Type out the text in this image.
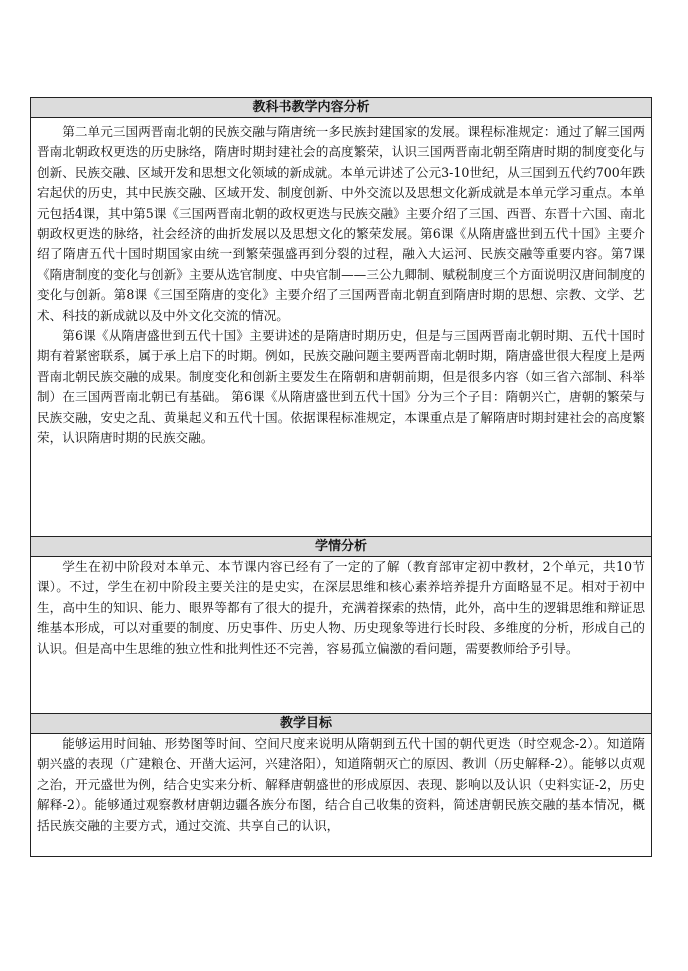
教科书教学内容分析

第二单元三国两晋南北朝的民族交融与隋唐统一多民族封建国家的发展。课程标准规定：通过了解三国两晋南北朝政权更迭的历史脉络，隋唐时期封建社会的高度繁荣，认识三国两晋南北朝至隋唐时期的制度变化与创新、民族交融、区域开发和思想文化领域的新成就。本单元讲述了公元3-10世纪，从三国到五代约700年跌宕起伏的历史，其中民族交融、区域开发、制度创新、中外交流以及思想文化新成就是本单元学习重点。本单元包括4课，其中第5课《三国两晋南北朝的政权更迭与民族交融》主要介绍了三国、西晋、东晋十六国、南北朝政权更迭的脉络，社会经济的曲折发展以及思想文化的繁荣发展。第6课《从隋唐盛世到五代十国》主要介绍了隋唐五代十国时期国家由统一到繁荣强盛再到分裂的过程，融入大运河、民族交融等重要内容。第7课《隋唐制度的变化与创新》主要从选官制度、中央官制——三公九卿制、赋税制度三个方面说明汉唐间制度的变化与创新。第8课《三国至隋唐的变化》主要介绍了三国两晋南北朝直到隋唐时期的思想、宗教、文学、艺术、科技的新成就以及中外文化交流的情况。

第6课《从隋唐盛世到五代十国》主要讲述的是隋唐时期历史，但是与三国两晋南北朝时期、五代十国时期有着紧密联系，属于承上启下的时期。例如，民族交融问题主要两晋南北朝时期，隋唐盛世很大程度上是两晋南北朝民族交融的成果。制度变化和创新主要发生在隋朝和唐朝前期，但是很多内容（如三省六部制、科举制）在三国两晋南北朝已有基础。 第6课《从隋唐盛世到五代十国》分为三个子目：隋朝兴亡，唐朝的繁荣与民族交融，安史之乱、黄巢起义和五代十国。依据课程标准规定，本课重点是了解隋唐时期封建社会的高度繁荣，认识隋唐时期的民族交融。

学情分析

学生在初中阶段对本单元、本节课内容已经有了一定的了解（教育部审定初中教材，2个单元，共10节课）。不过，学生在初中阶段主要关注的是史实，在深层思维和核心素养培养提升方面略显不足。相对于初中生，高中生的知识、能力、眼界等都有了很大的提升，充满着探索的热情，此外，高中生的逻辑思维和辩证思维基本形成，可以对重要的制度、历史事件、历史人物、历史现象等进行长时段、多维度的分析，形成自己的认识。但是高中生思维的独立性和批判性还不完善，容易孤立偏激的看问题，需要教师给予引导。

教学目标

能够运用时间轴、形势图等时间、空间尺度来说明从隋朝到五代十国的朝代更迭（时空观念-2）。知道隋朝兴盛的表现（广建粮仓、开凿大运河，兴建洛阳），知道隋朝灭亡的原因、教训（历史解释-2）。能够以贞观之治，开元盛世为例，结合史实来分析、解释唐朝盛世的形成原因、表现、影响以及认识（史料实证-2，历史解释-2）。能够通过观察教材唐朝边疆各族分布图，结合自己收集的资料，简述唐朝民族交融的基本情况，概括民族交融的主要方式，通过交流、共享自己的认识，
